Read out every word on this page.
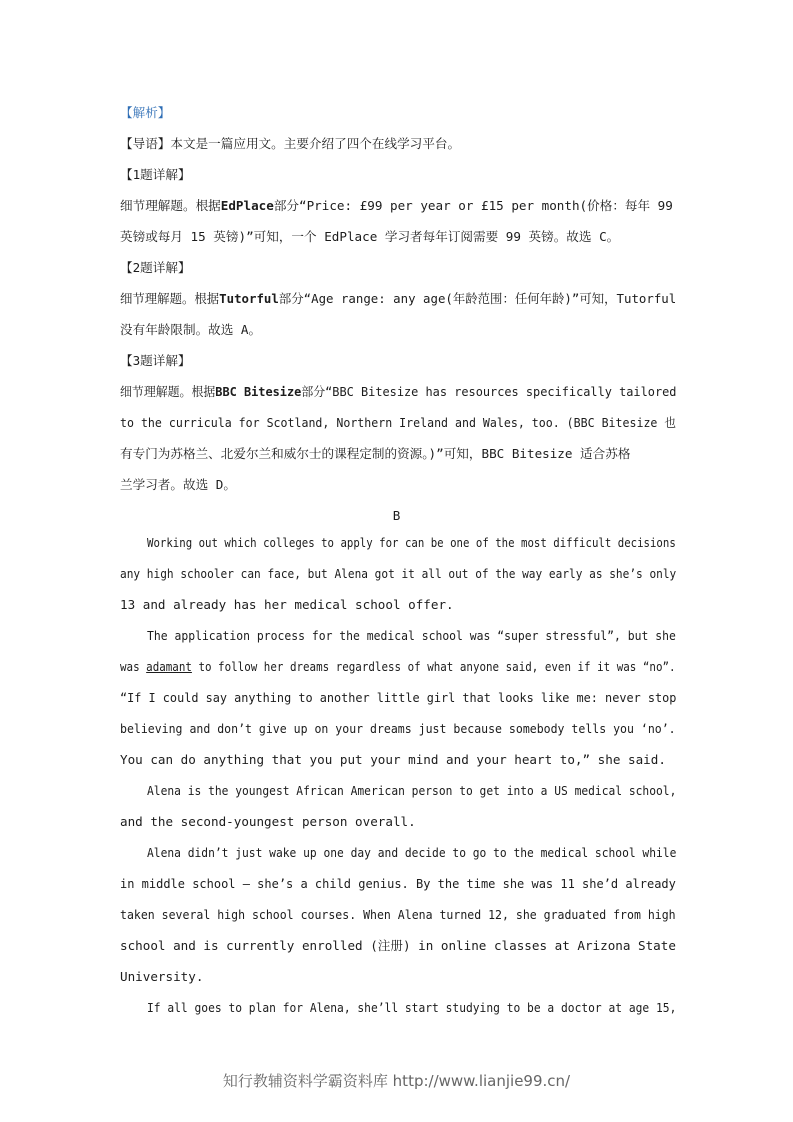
【解析】
【导语】本文是一篇应用文。主要介绍了四个在线学习平台。
【1题详解】
细节理解题。根据EdPlace部分“Price: £99 per year or £15 per month(价格：每年 99
英镑或每月 15 英镑)”可知，一个 EdPlace 学习者每年订阅需要 99 英镑。故选 C。
【2题详解】
细节理解题。根据Tutorful部分“Age range: any age(年龄范围：任何年龄)”可知，Tutorful
没有年龄限制。故选 A。
【3题详解】
细节理解题。根据BBC Bitesize部分“BBC Bitesize has resources specifically tailored
to the curricula for Scotland, Northern Ireland and Wales, too. (BBC Bitesize 也
有专门为苏格兰、北爱尔兰和威尔士的课程定制的资源。)”可知，BBC Bitesize 适合苏格
兰学习者。故选 D。
B
Working out which colleges to apply for can be one of the most difficult decisions
any high schooler can face, but Alena got it all out of the way early as she’s only
13 and already has her medical school offer.
The application process for the medical school was “super stressful”, but she
was adamant to follow her dreams regardless of what anyone said, even if it was “no”.
“If I could say anything to another little girl that looks like me: never stop
believing and don’t give up on your dreams just because somebody tells you ‘no’.
You can do anything that you put your mind and your heart to,” she said.
Alena is the youngest African American person to get into a US medical school,
and the second-youngest person overall.
Alena didn’t just wake up one day and decide to go to the medical school while
in middle school — she’s a child genius. By the time she was 11 she’d already
taken several high school courses. When Alena turned 12, she graduated from high
school and is currently enrolled (注册) in online classes at Arizona State
University.
If all goes to plan for Alena, she’ll start studying to be a doctor at age 15,
知行教辅资料学霸资料库 http://www.lianjie99.cn/
